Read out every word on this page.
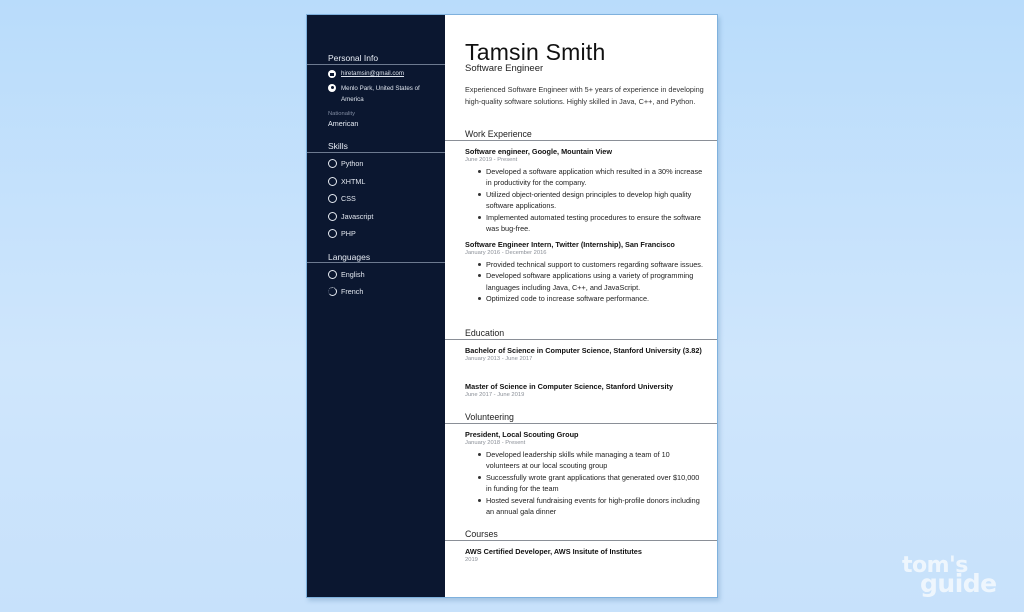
Personal Info
hiretamsin@gmail.com
Menlo Park, United States of
America
Nationality
American
Skills
Python
XHTML
CSS
Javascript
PHP
Languages
English
French
Tamsin Smith
Software Engineer
Experienced Software Engineer with 5+ years of experience in developing high-quality software solutions. Highly skilled in Java, C++, and Python.
Work Experience
Software engineer, Google, Mountain View
June 2019 - Present
Developed a software application which resulted in a 30% increase in productivity for the company.
Utilized object-oriented design principles to develop high quality software applications.
Implemented automated testing procedures to ensure the software was bug-free.
Software Engineer Intern, Twitter (Internship), San Francisco
January 2016 - December 2016
Provided technical support to customers regarding software issues.
Developed software applications using a variety of programming languages including Java, C++, and JavaScript.
Optimized code to increase software performance.
Education
Bachelor of Science in Computer Science, Stanford University (3.82)
January 2013 - June 2017
Master of Science in Computer Science, Stanford University
June 2017 - June 2019
Volunteering
President, Local Scouting Group
January 2018 - Present
Developed leadership skills while managing a team of 10 volunteers at our local scouting group
Successfully wrote grant applications that generated over $10,000 in funding for the team
Hosted several fundraising events for high-profile donors including an annual gala dinner
Courses
AWS Certified Developer, AWS Insitute of Institutes
2019	tom's
guide
